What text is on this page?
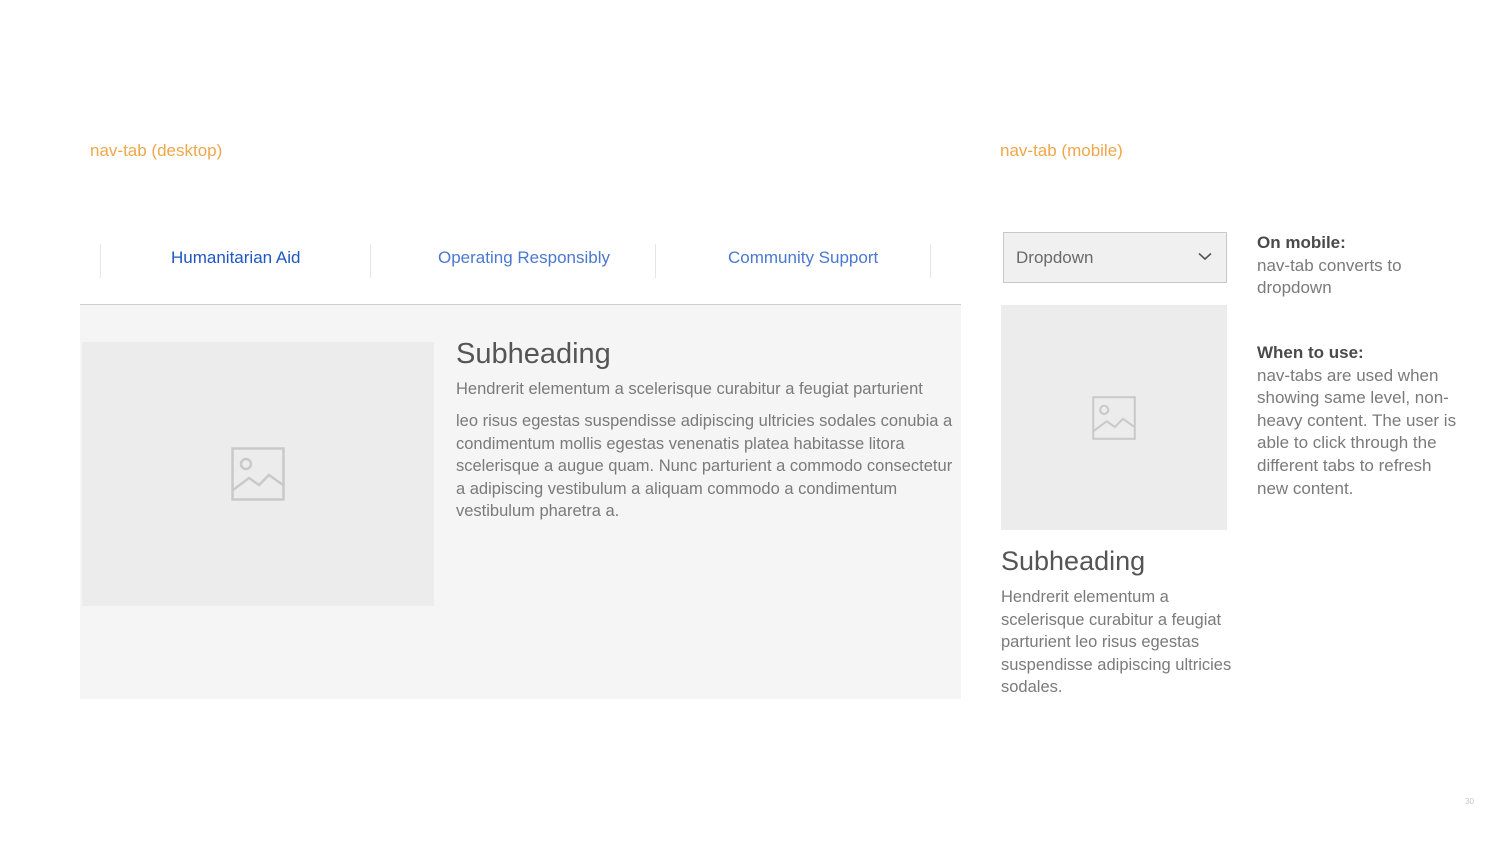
nav-tab (desktop)	nav-tab (mobile)
Humanitarian Aid	Operating Responsibly	Community Support
Subheading

Hendrerit elementum a scelerisque curabitur a feugiat parturient

leo risus egestas suspendisse adipiscing ultricies sodales conubia a condimentum mollis egestas venenatis platea habitasse litora scelerisque a augue quam. Nunc parturient a commodo consectetur a adipiscing vestibulum a aliquam commodo a condimentum vestibulum pharetra a.

Dropdown
Subheading

Hendrerit elementum a scelerisque curabitur a feugiat parturient leo risus egestas suspendisse adipiscing ultricies sodales.

On mobile:
nav-tab converts to dropdown

When to use:
nav-tabs are used when showing same level, non-heavy content. The user is able to click through the different tabs to refresh new content.

30
